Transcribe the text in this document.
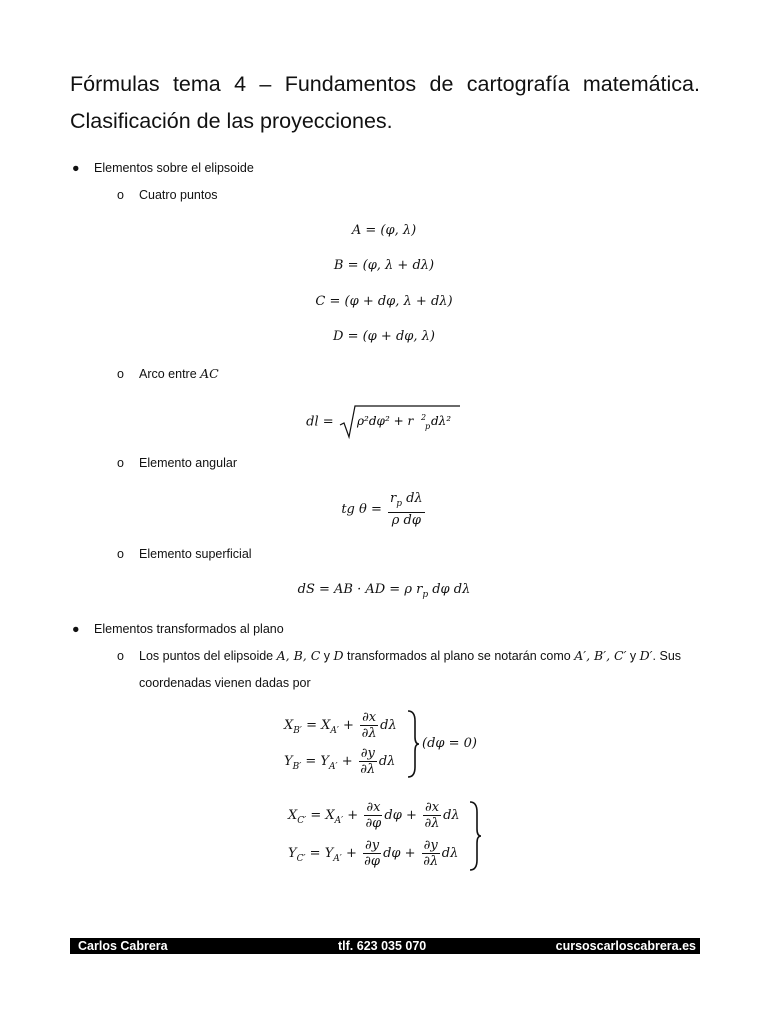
Fórmulas tema 4 – Fundamentos de cartografía matemática. Clasificación de las proyecciones.
● Elementos sobre el elipsoide
o Cuatro puntos
A = (φ, λ)
B = (φ, λ + dλ)
C = (φ + dφ, λ + dλ)
D = (φ + dφ, λ)
o Arco entre AC
dl = ρ²dφ² + r p
2 dλ²
o Elemento angular
tg $\theta = \frac{r_p d\lambda}{\text{ρ dφ}}$
o Elemento superficial
dS = AB · AD = ρ $r_p$ dφ dλ
● Elementos transformados al plano
o	Los puntos del elipsoide A, B, C y D transformados al plano se notarán como A′, B′, C′ y D′. Sus coordenadas vienen dadas por
$X_{B'} = X_{A'} + \frac{\partial x}{\partial\lambda}$ dλ
$Y_{B'} = Y_{A'} + \frac{\partial y}{\partial\lambda}$ dλ
(dφ = 0)
$X_{C'} = X_{A'} + \frac{\partial x}{\partial\varphi}$ $d\varphi + \frac{\partial x}{\partial\lambda}$ dλ
$Y_{C'} = Y_{A'} + \frac{\partial y}{\partial\varphi}$ $d\varphi + \frac{\partial y}{\partial\lambda}$ dλ
Carlos Cabrera	tlf. 623 035 070	cursoscarloscabrera.es
